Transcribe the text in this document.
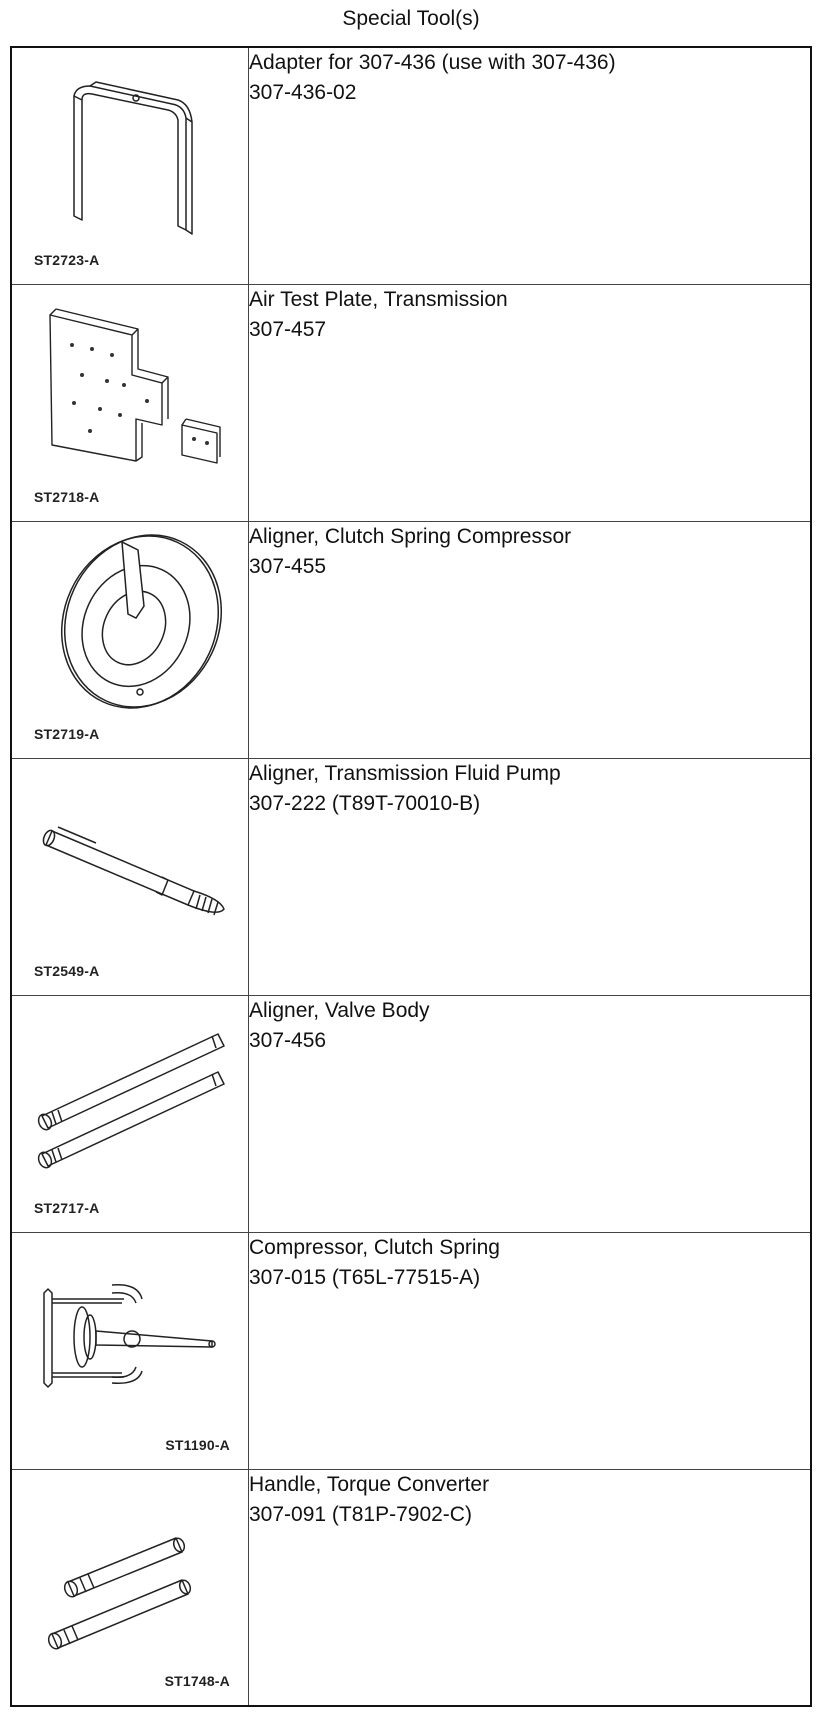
Special Tool(s)
ST2723-A	Adapter for 307-436 (use with 307-436)
307-436-02

ST2718-A	Air Test Plate, Transmission
307-457

ST2719-A	Aligner, Clutch Spring Compressor
307-455

ST2549-A	Aligner, Transmission Fluid Pump
307-222 (T89T-70010-B)

ST2717-A	Aligner, Valve Body
307-456

ST1190-A	Compressor, Clutch Spring
307-015 (T65L-77515-A)

ST1748-A	Handle, Torque Converter
307-091 (T81P-7902-C)
